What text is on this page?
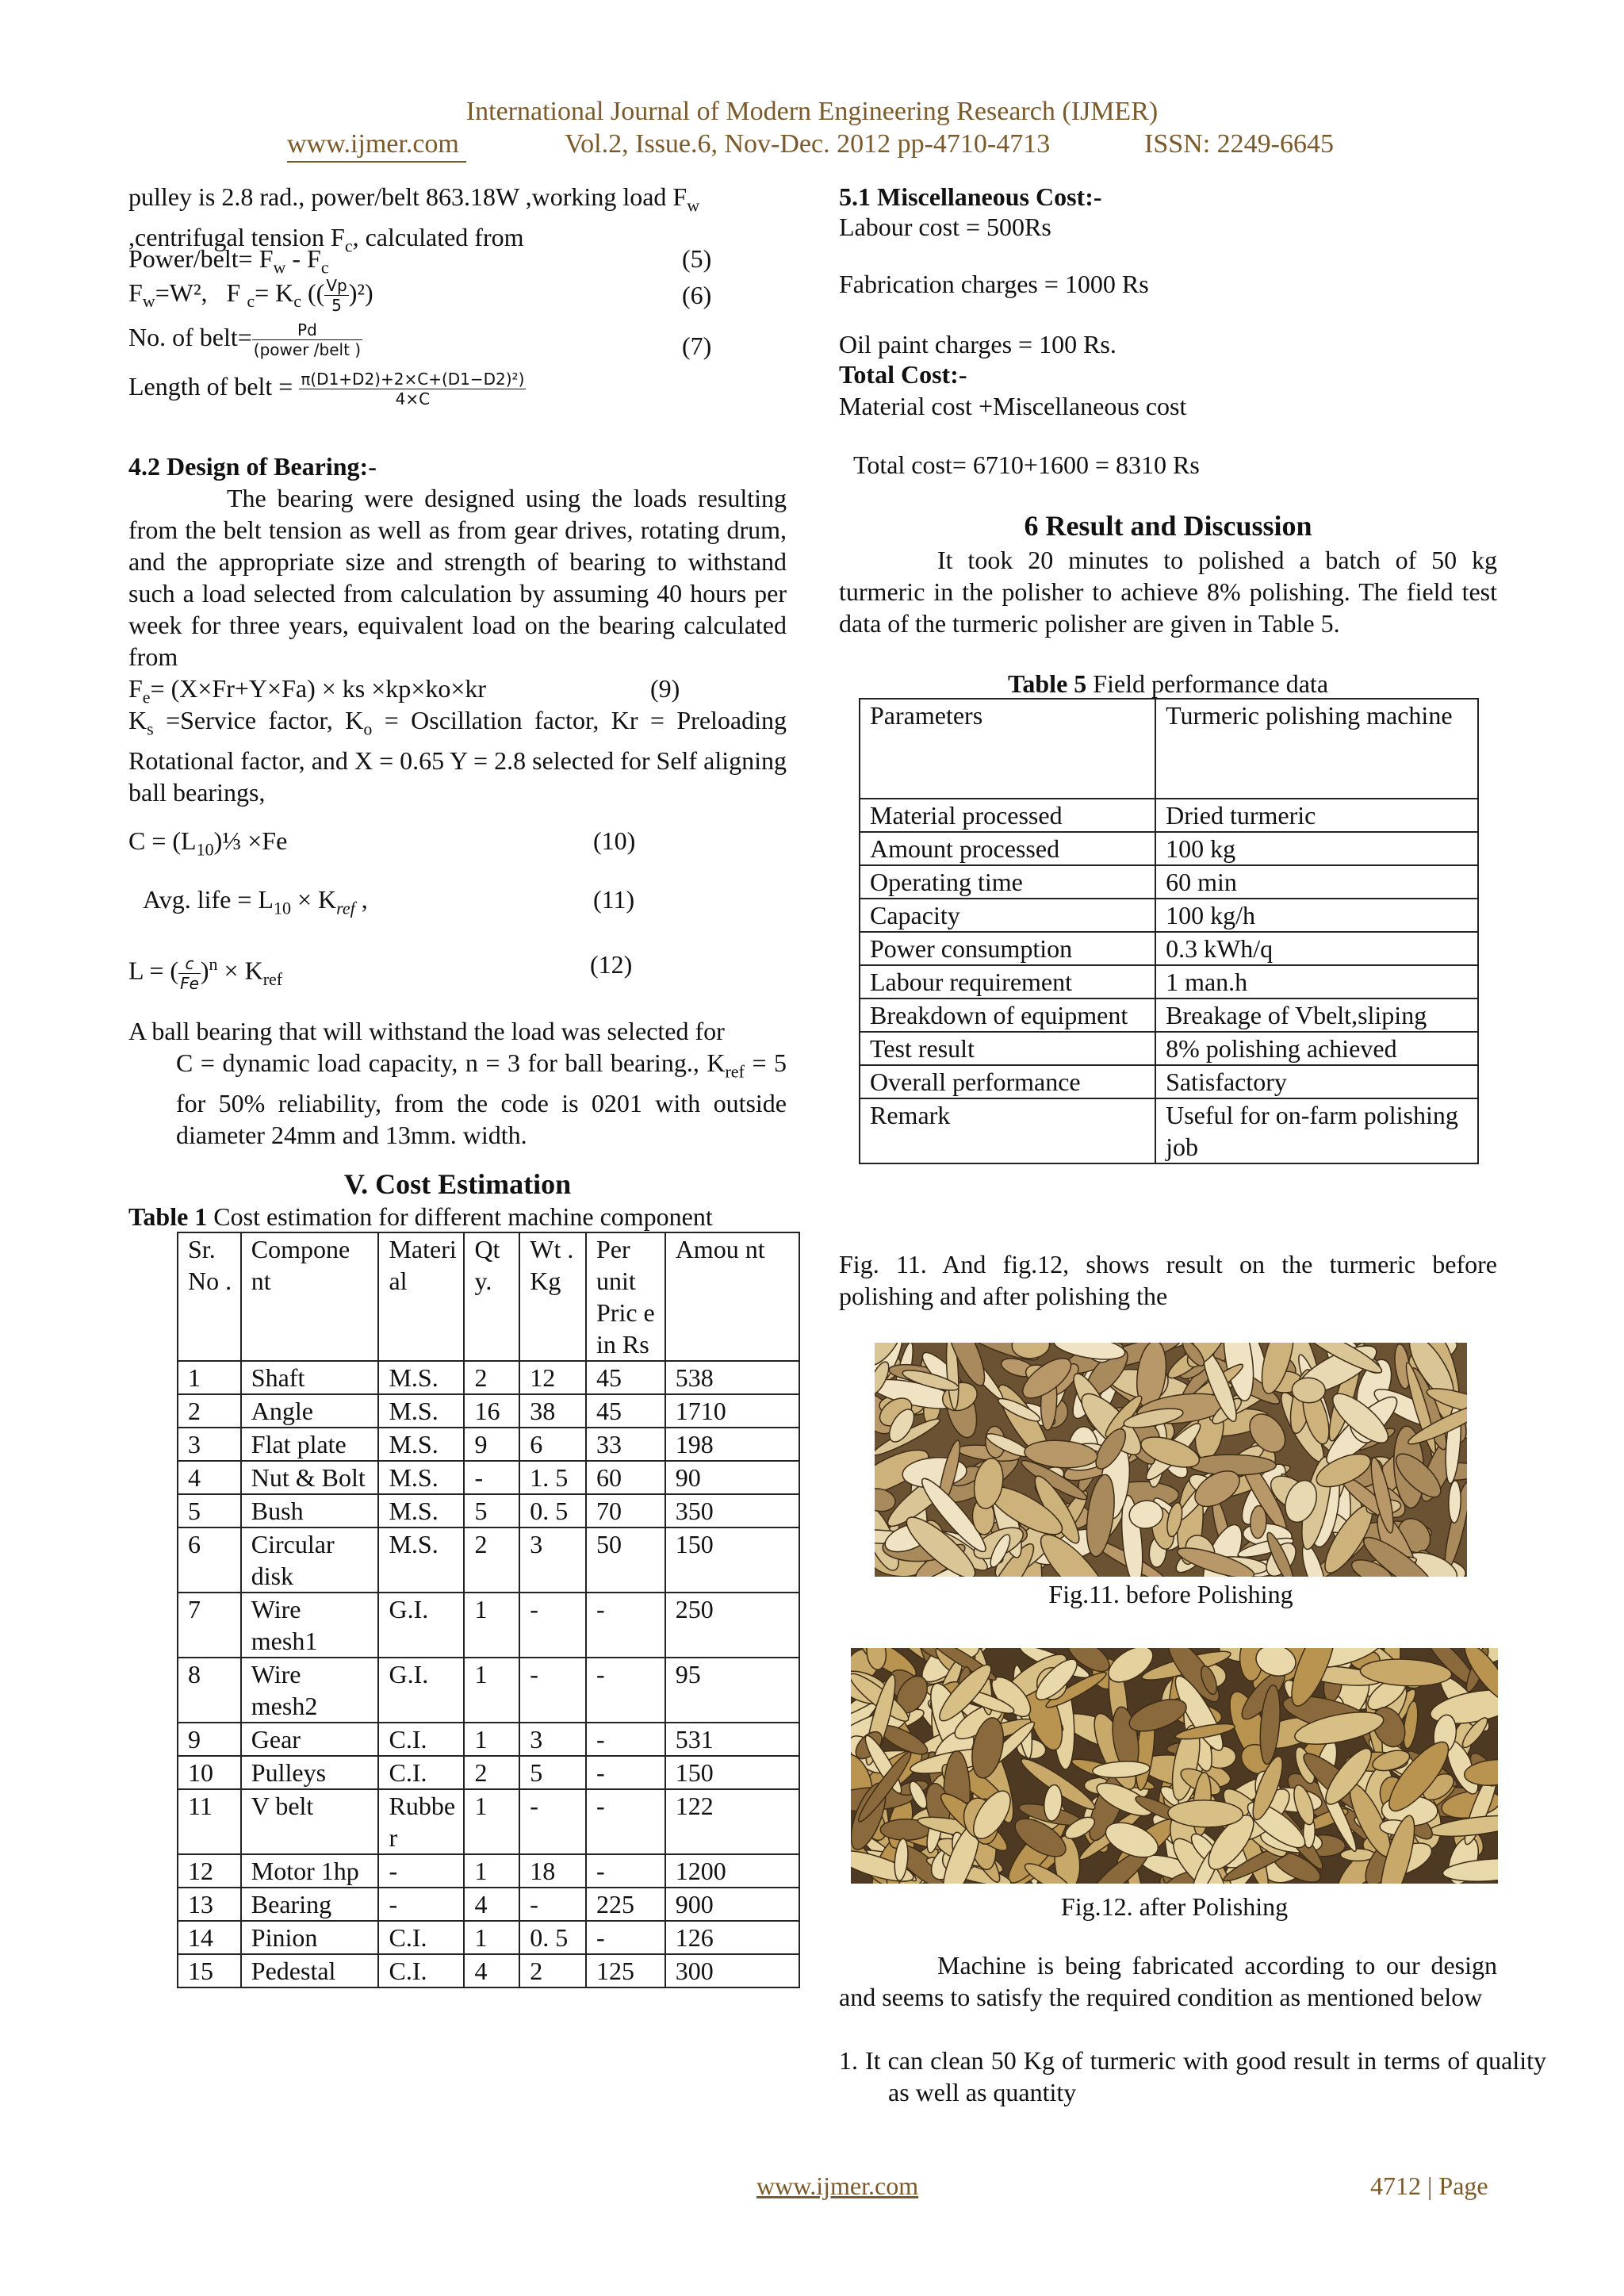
International Journal of Modern Engineering Research (IJMER)
www.ijmer.com	Vol.2, Issue.6, Nov-Dec. 2012 pp-4710-4713	ISSN: 2249-6645
pulley is 2.8 rad., power/belt 863.18W ,working load $F_w$
,centrifugal tension $F_c$, calculated from
Power/belt= $F_w - F_c$	(5)
$F_w=W^2$,   F $_c= K_c$ (( $\frac{Vp}{5} )^2$)	(6)
No. of belt= $\frac{Pd}{\text{(power /belt )}}$	(7)
Length of belt = $\frac{\text{π(D1+D2)+2×C+(D1−D2)²)}}{4\times C}$
4.2 Design of Bearing:-
The bearing were designed using the loads resulting from the belt tension as well as from gear drives, rotating drum, and the appropriate size and strength of bearing to withstand such a load selected from calculation by assuming 40 hours per week for three years, equivalent load on the bearing calculated from
$F_e= (X\times Fr+Y\times Fa)$ × ks ×kp×ko×kr	(9)
$K_s$ =Service factor, $K_o$ = Oscillation factor, Kr = Preloading Rotational factor, and X = 0.65 Y = 2.8 selected for Self aligning ball bearings,
$C = (L_{10})\frac{1}{3} \times Fe$	(10)
Avg. life = $L_{10} \times K_{ref}$ ,	(11)
L = ( $\frac{c}{Fe} )^n \times K_{ref}$
(12)
A ball bearing that will withstand the load was selected for
C = dynamic load capacity, n = 3 for ball bearing., $K_{ref} = 5$ for 50% reliability, from the code is 0201 with outside diameter 24mm and 13mm. width.
V. Cost Estimation
Table 1 Cost estimation for different machine component
Sr. No .	Compone nt	Materi al	Qt y.	Wt . Kg	Per unit Pric e in Rs	Amou nt
1	Shaft	M.S.	2	12	45	538
2	Angle	M.S.	16	38	45	1710
3	Flat plate	M.S.	9	6	33	198
4	Nut & Bolt	M.S.	-	1. 5	60	90
5	Bush	M.S.	5	0. 5	70	350
6	Circular disk	M.S.	2	3	50	150
7	Wire mesh1	G.I.	1	-	-	250
8	Wire mesh2	G.I.	1	-	-	95
9	Gear	C.I.	1	3	-	531
10	Pulleys	C.I.	2	5	-	150
11	V belt	Rubbe r	1	-	-	122
12	Motor 1hp	-	1	18	-	1200
13	Bearing	-	4	-	225	900
14	Pinion	C.I.	1	0. 5	-	126
15	Pedestal	C.I.	4	2	125	300
5.1 Miscellaneous Cost:-
Labour cost = 500Rs
Fabrication charges = 1000 Rs
Oil paint charges = 100 Rs.
Total Cost:-
Material cost +Miscellaneous cost
Total cost= 6710+1600 = 8310 Rs
6 Result and Discussion
It took 20 minutes to polished a batch of 50 kg turmeric in the polisher to achieve 8% polishing. The field test data of the turmeric polisher are given in Table 5.
Table 5 Field performance data
Parameters	Turmeric polishing machine
Material processed	Dried turmeric
Amount processed	100 kg
Operating time	60 min
Capacity	100 kg/h
Power consumption	0.3 kWh/q
Labour requirement	1 man.h
Breakdown of equipment	Breakage of Vbelt,sliping
Test result	8% polishing achieved
Overall performance	Satisfactory
Remark	Useful for on-farm polishing job
Fig. 11. And fig.12, shows result on the turmeric before polishing and after polishing the
Fig.11. before Polishing
Fig.12. after Polishing
Machine is being fabricated according to our design and seems to satisfy the required condition as mentioned below
1. It can clean 50 Kg of turmeric with good result in terms of quality as well as quantity
www.ijmer.com	4712 | Page
